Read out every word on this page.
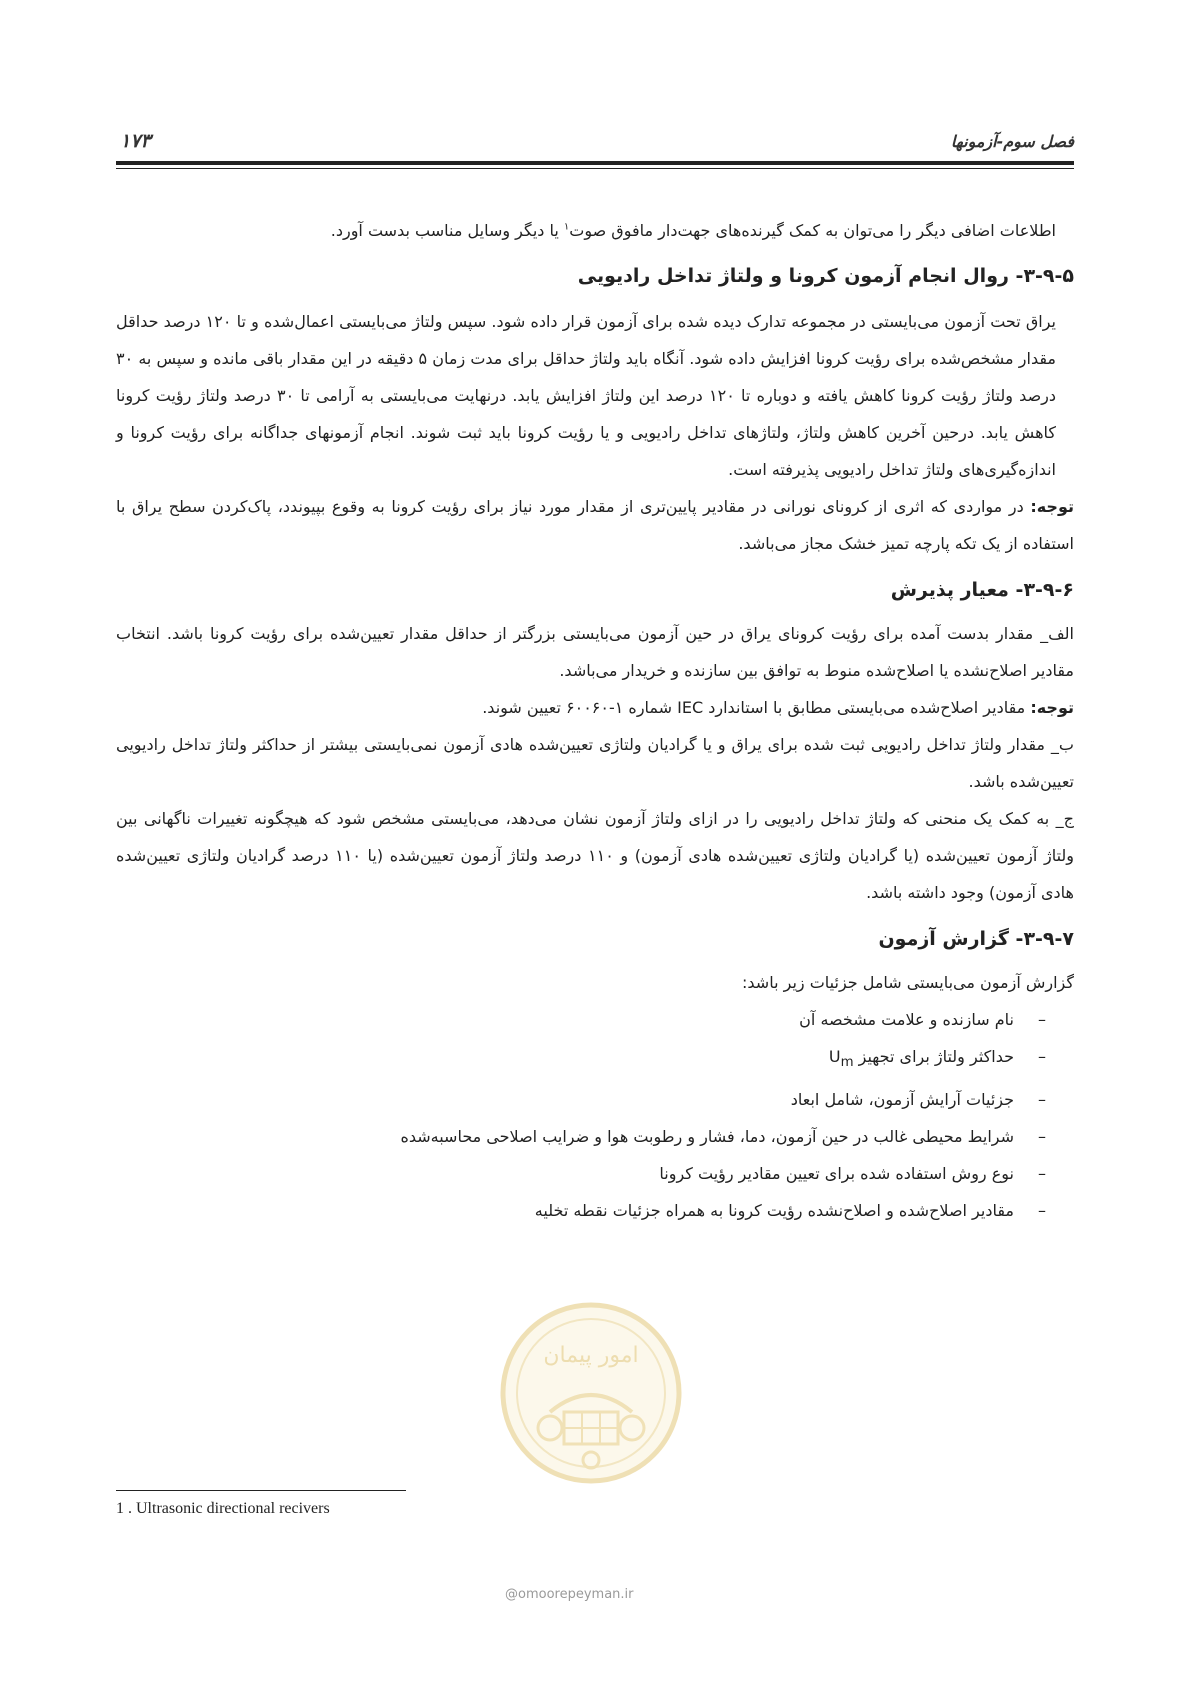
فصل سوم-آزمونها
۱۷۳

اطلاعات اضافی دیگر را می‌توان به کمک گیرنده‌های جهت‌دار مافوق صوت$^۱$ یا دیگر وسایل مناسب بدست آورد.

۳-۹-۵- روال انجام آزمون کرونا و ولتاژ تداخل رادیویی

یراق تحت آزمون می‌بایستی در مجموعه تدارک دیده شده برای آزمون قرار داده شود. سپس ولتاژ می‌بایستی اعمال‌شده و تا ۱۲۰ درصد حداقل مقدار مشخص‌شده برای رؤیت کرونا افزایش داده شود. آنگاه باید ولتاژ حداقل برای مدت زمان ۵ دقیقه در این مقدار باقی مانده و سپس به ۳۰ درصد ولتاژ رؤیت کرونا کاهش یافته و دوباره تا ۱۲۰ درصد این ولتاژ افزایش یابد. درنهایت می‌بایستی به آرامی تا ۳۰ درصد ولتاژ رؤیت کرونا کاهش یابد. درحین آخرین کاهش ولتاژ، ولتاژهای تداخل رادیویی و یا رؤیت کرونا باید ثبت شوند. انجام آزمونهای جداگانه برای رؤیت کرونا و اندازه‌گیری‌های ولتاژ تداخل رادیویی پذیرفته است.

توجه: در مواردی که اثری از کرونای نورانی در مقادیر پایین‌تری از مقدار مورد نیاز برای رؤیت کرونا به وقوع بپیوندد، پاک‌کردن سطح یراق با استفاده از یک تکه پارچه تمیز خشک مجاز می‌باشد.

۳-۹-۶- معیار پذیرش

الف_ مقدار بدست آمده برای رؤیت کرونای یراق در حین آزمون می‌بایستی بزرگتر از حداقل مقدار تعیین‌شده برای رؤیت کرونا باشد. انتخاب مقادیر اصلاح‌نشده یا اصلاح‌شده منوط به توافق بین سازنده و خریدار می‌باشد.

توجه: مقادیر اصلاح‌شده می‌بایستی مطابق با استاندارد IEC شماره ۱-۶۰۰۶۰ تعیین شوند.

ب_ مقدار ولتاژ تداخل رادیویی ثبت شده برای یراق و یا گرادیان ولتاژی تعیین‌شده هادی آزمون نمی‌بایستی بیشتر از حداکثر ولتاژ تداخل رادیویی تعیین‌شده باشد.

ج_ به کمک یک منحنی که ولتاژ تداخل رادیویی را در ازای ولتاژ آزمون نشان می‌دهد، می‌بایستی مشخص شود که هیچگونه تغییرات ناگهانی بین ولتاژ آزمون تعیین‌شده (یا گرادیان ولتاژی تعیین‌شده هادی آزمون) و ۱۱۰ درصد ولتاژ آزمون تعیین‌شده (یا ۱۱۰ درصد گرادیان ولتاژی تعیین‌شده هادی آزمون) وجود داشته باشد.

۳-۹-۷- گزارش آزمون

گزارش آزمون می‌بایستی شامل جزئیات زیر باشد:

–نام سازنده و علامت مشخصه آن
–حداکثر ولتاژ برای تجهیز $U_m$
–جزئیات آرایش آزمون، شامل ابعاد
–شرایط محیطی غالب در حین آزمون، دما، فشار و رطوبت هوا و ضرایب اصلاحی محاسبه‌شده
–نوع روش استفاده شده برای تعیین مقادیر رؤیت کرونا
–مقادیر اصلاح‌شده و اصلاح‌نشده رؤیت کرونا به همراه جزئیات نقطه تخلیه
امور پیمان
@omoorepeyman.ir
1 . Ultrasonic directional recivers
